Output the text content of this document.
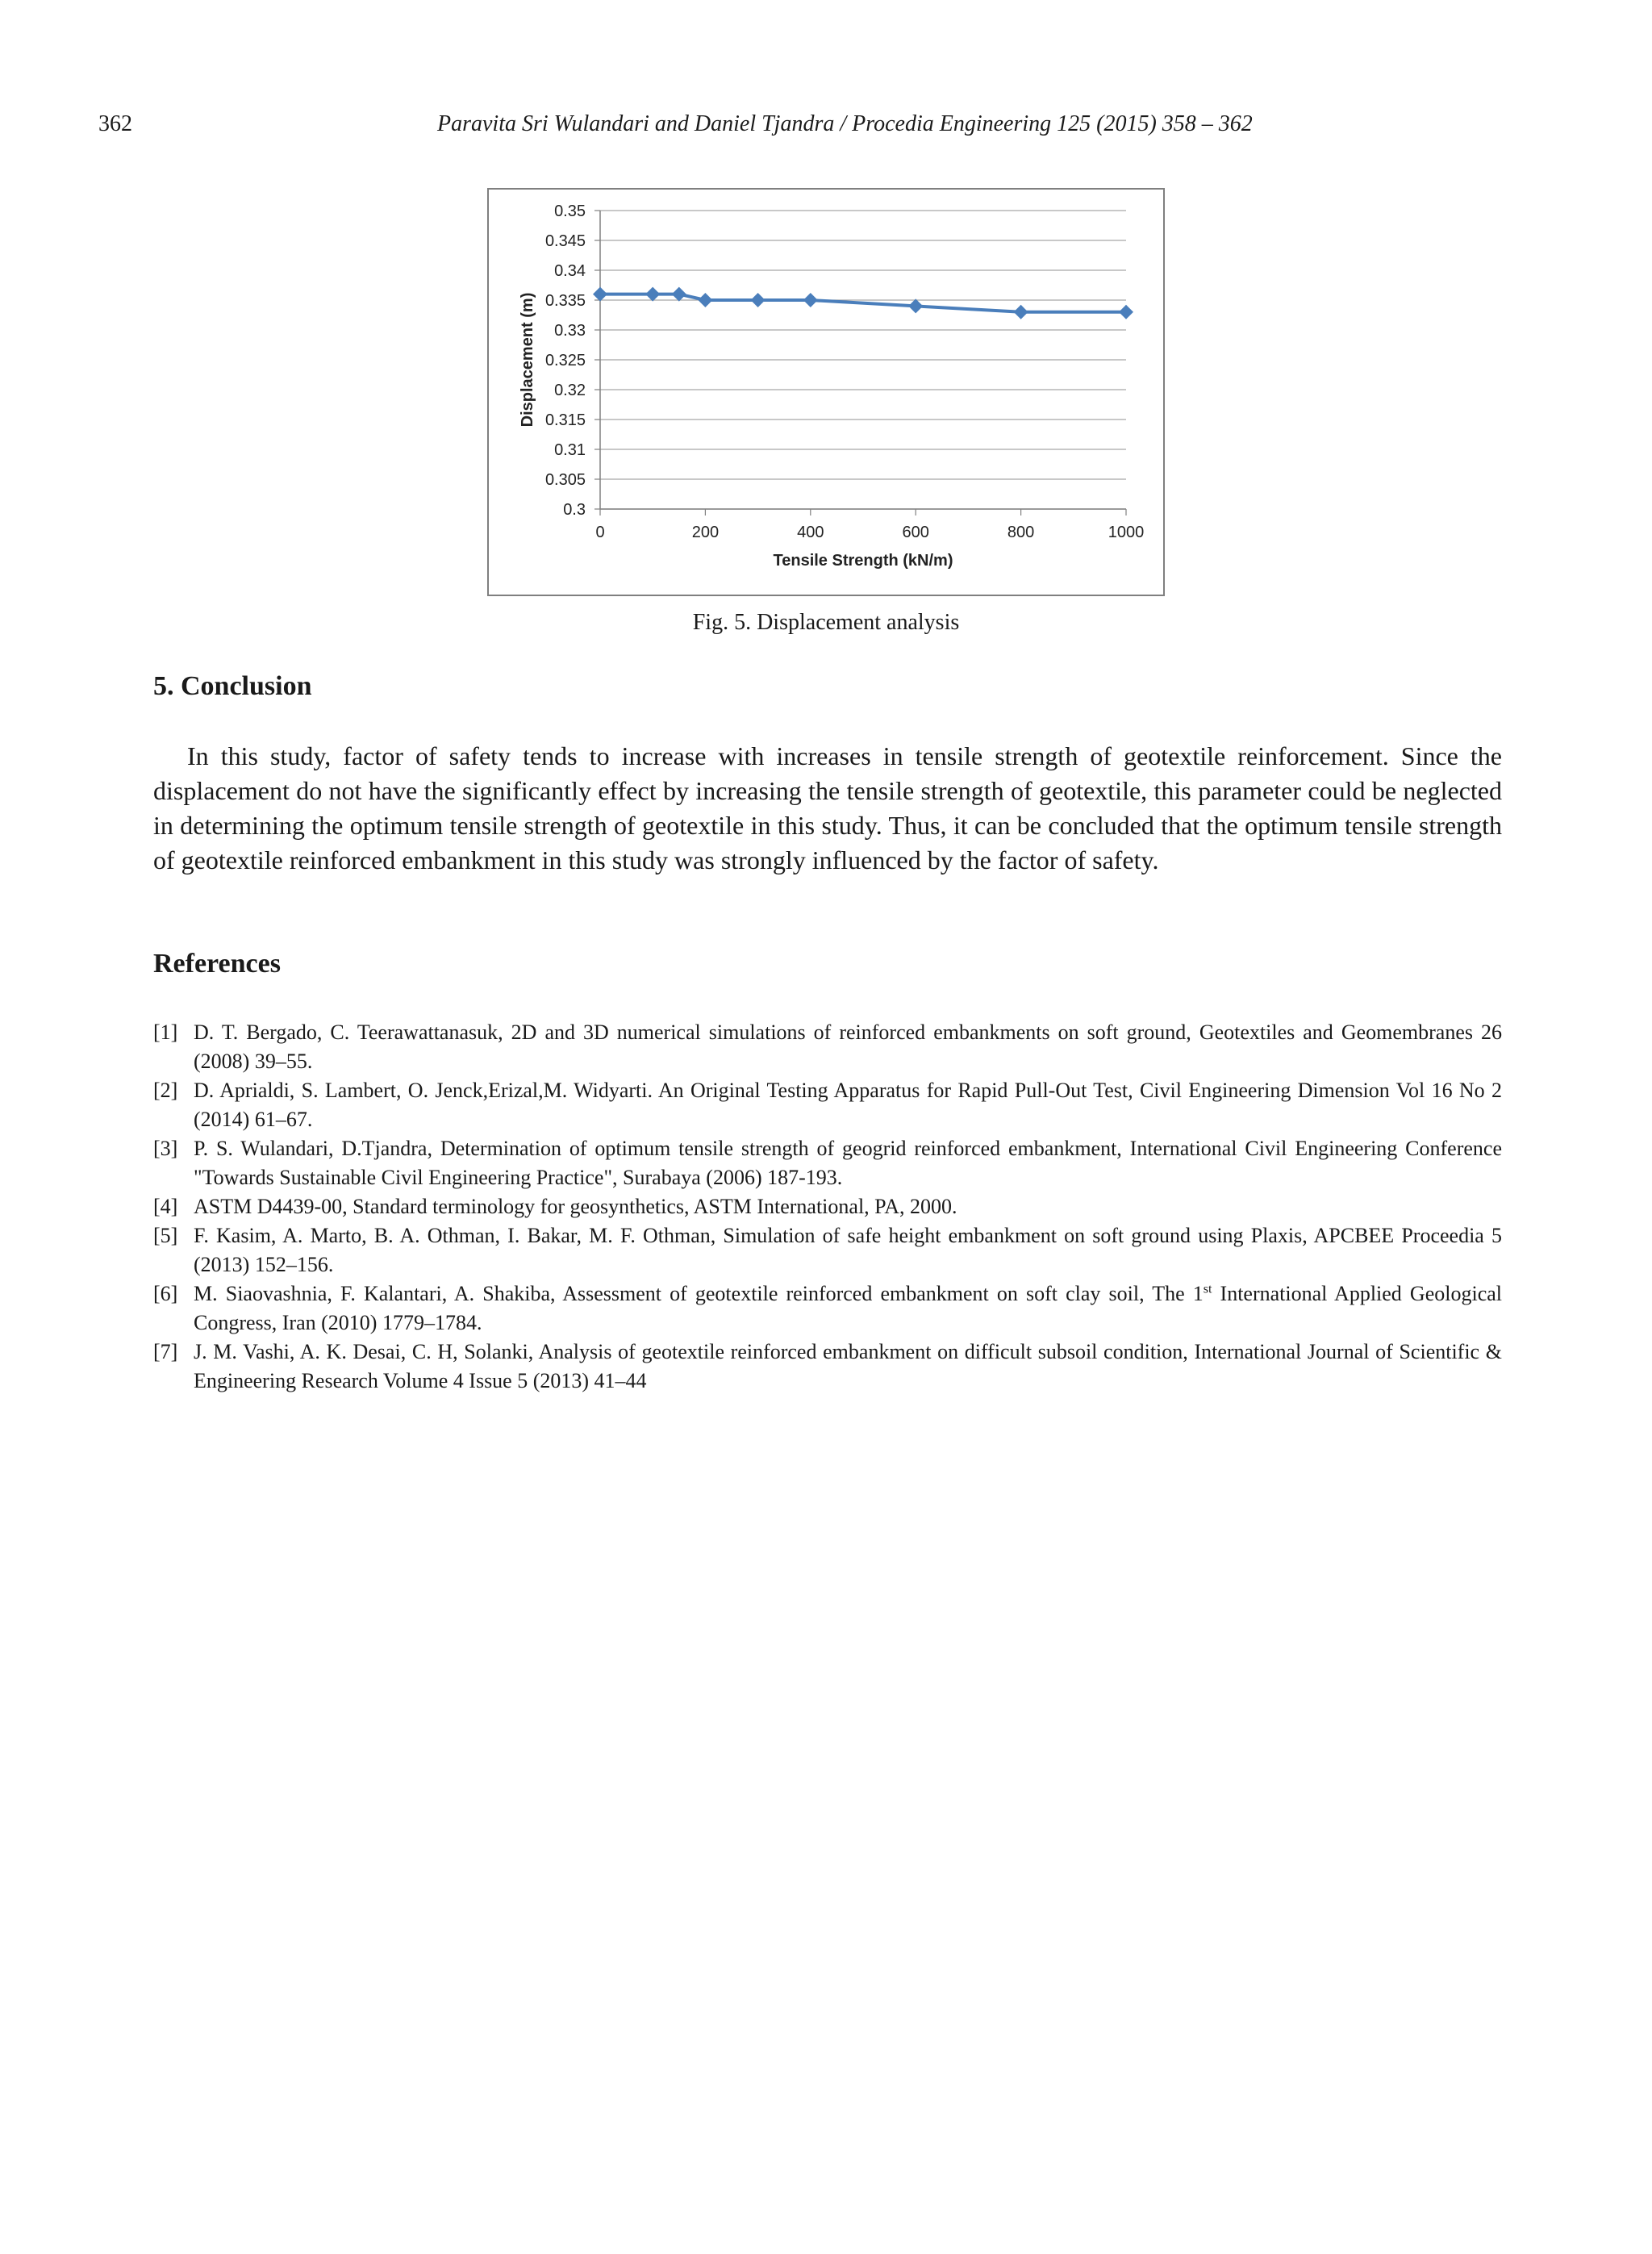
362	Paravita Sri Wulandari and Daniel Tjandra / Procedia Engineering 125 (2015) 358 – 362
0.3
0.305
0.31
0.315
0.32
0.325
0.33
0.335
0.34
0.345
0.35
0	200	400	600	800	1000
Tensile Strength (kN/m)
Displacement (m)
Fig. 5. Displacement analysis
5. Conclusion

In this study, factor of safety tends to increase with increases in tensile strength of geotextile reinforcement. Since the displacement do not have the significantly effect by increasing the tensile strength of geotextile, this parameter could be neglected in determining the optimum tensile strength of geotextile in this study. Thus, it can be concluded that the optimum tensile strength of geotextile reinforced embankment in this study was strongly influenced by the factor of safety.

References
[1] D. T. Bergado, C. Teerawattanasuk, 2D and 3D numerical simulations of reinforced embankments on soft ground, Geotextiles and Geomembranes 26 (2008) 39–55.
[2] D. Aprialdi, S. Lambert, O. Jenck,Erizal,M. Widyarti. An Original Testing Apparatus for Rapid Pull-Out Test, Civil Engineering Dimension Vol 16 No 2 (2014) 61–67.
[3] P. S. Wulandari, D.Tjandra, Determination of optimum tensile strength of geogrid reinforced embankment, International Civil Engineering Conference "Towards Sustainable Civil Engineering Practice", Surabaya (2006) 187-193.
[4] ASTM D4439-00, Standard terminology for geosynthetics, ASTM International, PA, 2000.
[5] F. Kasim, A. Marto, B. A. Othman, I. Bakar, M. F. Othman, Simulation of safe height embankment on soft ground using Plaxis, APCBEE Proceedia 5 (2013) 152–156.
[6] M. Siaovashnia, F. Kalantari, A. Shakiba, Assessment of geotextile reinforced embankment on soft clay soil, The 1st International Applied Geological Congress, Iran (2010) 1779–1784.
[7] J. M. Vashi, A. K. Desai, C. H, Solanki, Analysis of geotextile reinforced embankment on difficult subsoil condition, International Journal of Scientific & Engineering Research Volume 4 Issue 5 (2013) 41–44
